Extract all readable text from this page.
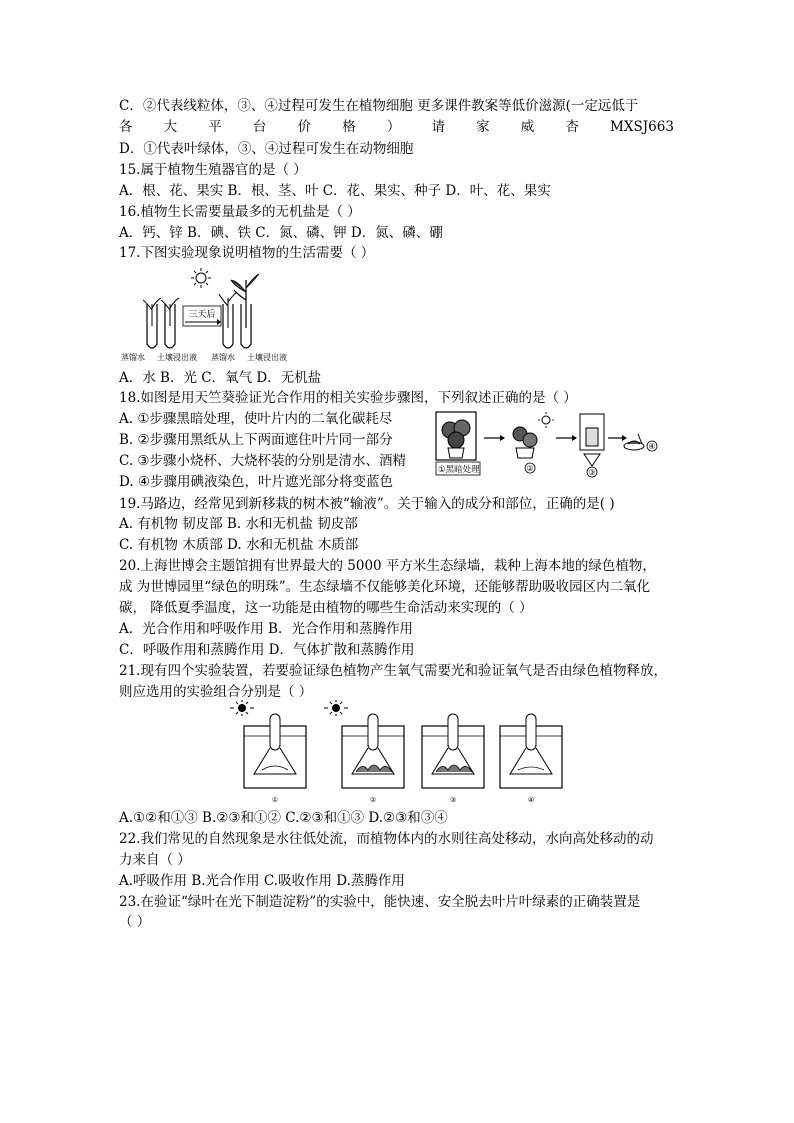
C．②代表线粒体，③、④过程可发生在植物细胞 更多课件教案等低价滋源(一定远低于
各 大 平 台 价 格 ） 请 家 威 杏 MXSJ663
D．①代表叶绿体，③、④过程可发生在动物细胞
15.属于植物生殖器官的是（ ）
A．根、花、果实 B．根、茎、叶 C．花、果实、种子 D．叶、花、果实
16.植物生长需要量最多的无机盐是（ ）
A．钙、锌 B．碘、铁 C．氮、磷、钾 D．氮、磷、硼
17.下图实验现象说明植物的生活需要（ ）
三天后
蒸馏水 土壤浸出液 蒸馏水 土壤浸出液
A．水 B．光 C．氧气 D．无机盐
18.如图是用天竺葵验证光合作用的相关实验步骤图，下列叙述正确的是（ ）
A. ①步骤黑暗处理，使叶片内的二氧化碳耗尽
B. ②步骤用黑纸从上下两面遮住叶片同一部分
C. ③步骤小烧杯、大烧杯装的分别是清水、酒精
D. ④步骤用碘液染色，叶片遮光部分将变蓝色
①黑暗处理	②	③
④
19.马路边，经常见到新移栽的树木被“输液”。关于输入的成分和部位，正确的是( )
A. 有机物 韧皮部 B. 水和无机盐 韧皮部
C. 有机物 木质部 D. 水和无机盐 木质部
20.上海世博会主题馆拥有世界最大的 5000 平方米生态绿墙，栽种上海本地的绿色植物，
成 为世博园里“绿色的明珠”。生态绿墙不仅能够美化环境，还能够帮助吸收园区内二氧化
碳， 降低夏季温度，这一功能是由植物的哪些生命活动来实现的（ ）
A．光合作用和呼吸作用 B．光合作用和蒸腾作用
C．呼吸作用和蒸腾作用 D．气体扩散和蒸腾作用
21.现有四个实验装置，若要验证绿色植物产生氧气需要光和验证氧气是否由绿色植物释放，
则应选用的实验组合分别是（ ）
①	②	③	④
A.①②和①③ B.②③和①② C.②③和①③ D.②③和③④
22.我们常见的自然现象是水往低处流，而植物体内的水则往高处移动，水向高处移动的动
力来自（ ）
A.呼吸作用 B.光合作用 C.吸收作用 D.蒸腾作用
23.在验证“绿叶在光下制造淀粉”的实验中，能快速、安全脱去叶片叶绿素的正确装置是
（ ）
